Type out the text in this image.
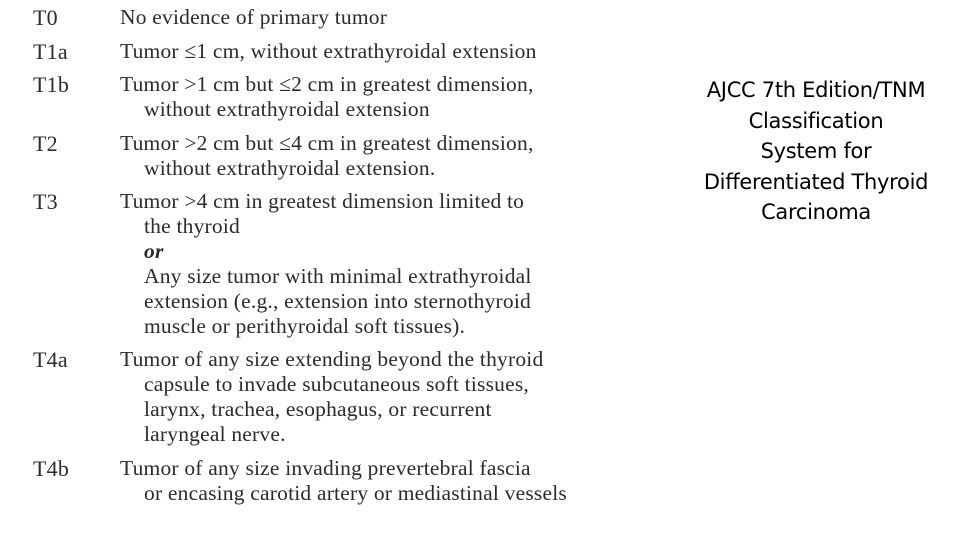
T0	No evidence of primary tumor
T1a Tumor ≤1 cm, without extrathyroidal extension
T1b Tumor >1 cm but ≤2 cm in greatest dimension,
without extrathyroidal extension
T2	Tumor >2 cm but ≤4 cm in greatest dimension,
without extrathyroidal extension.
T3	Tumor >4 cm in greatest dimension limited to
the thyroid
or
Any size tumor with minimal extrathyroidal
extension (e.g., extension into sternothyroid
muscle or perithyroidal soft tissues).
T4a Tumor of any size extending beyond the thyroid
capsule to invade subcutaneous soft tissues,
larynx, trachea, esophagus, or recurrent
laryngeal nerve.
T4b Tumor of any size invading prevertebral fascia
or encasing carotid artery or mediastinal vessels
AJCC 7th Edition/TNM
Classification
System for
Differentiated Thyroid
Carcinoma
